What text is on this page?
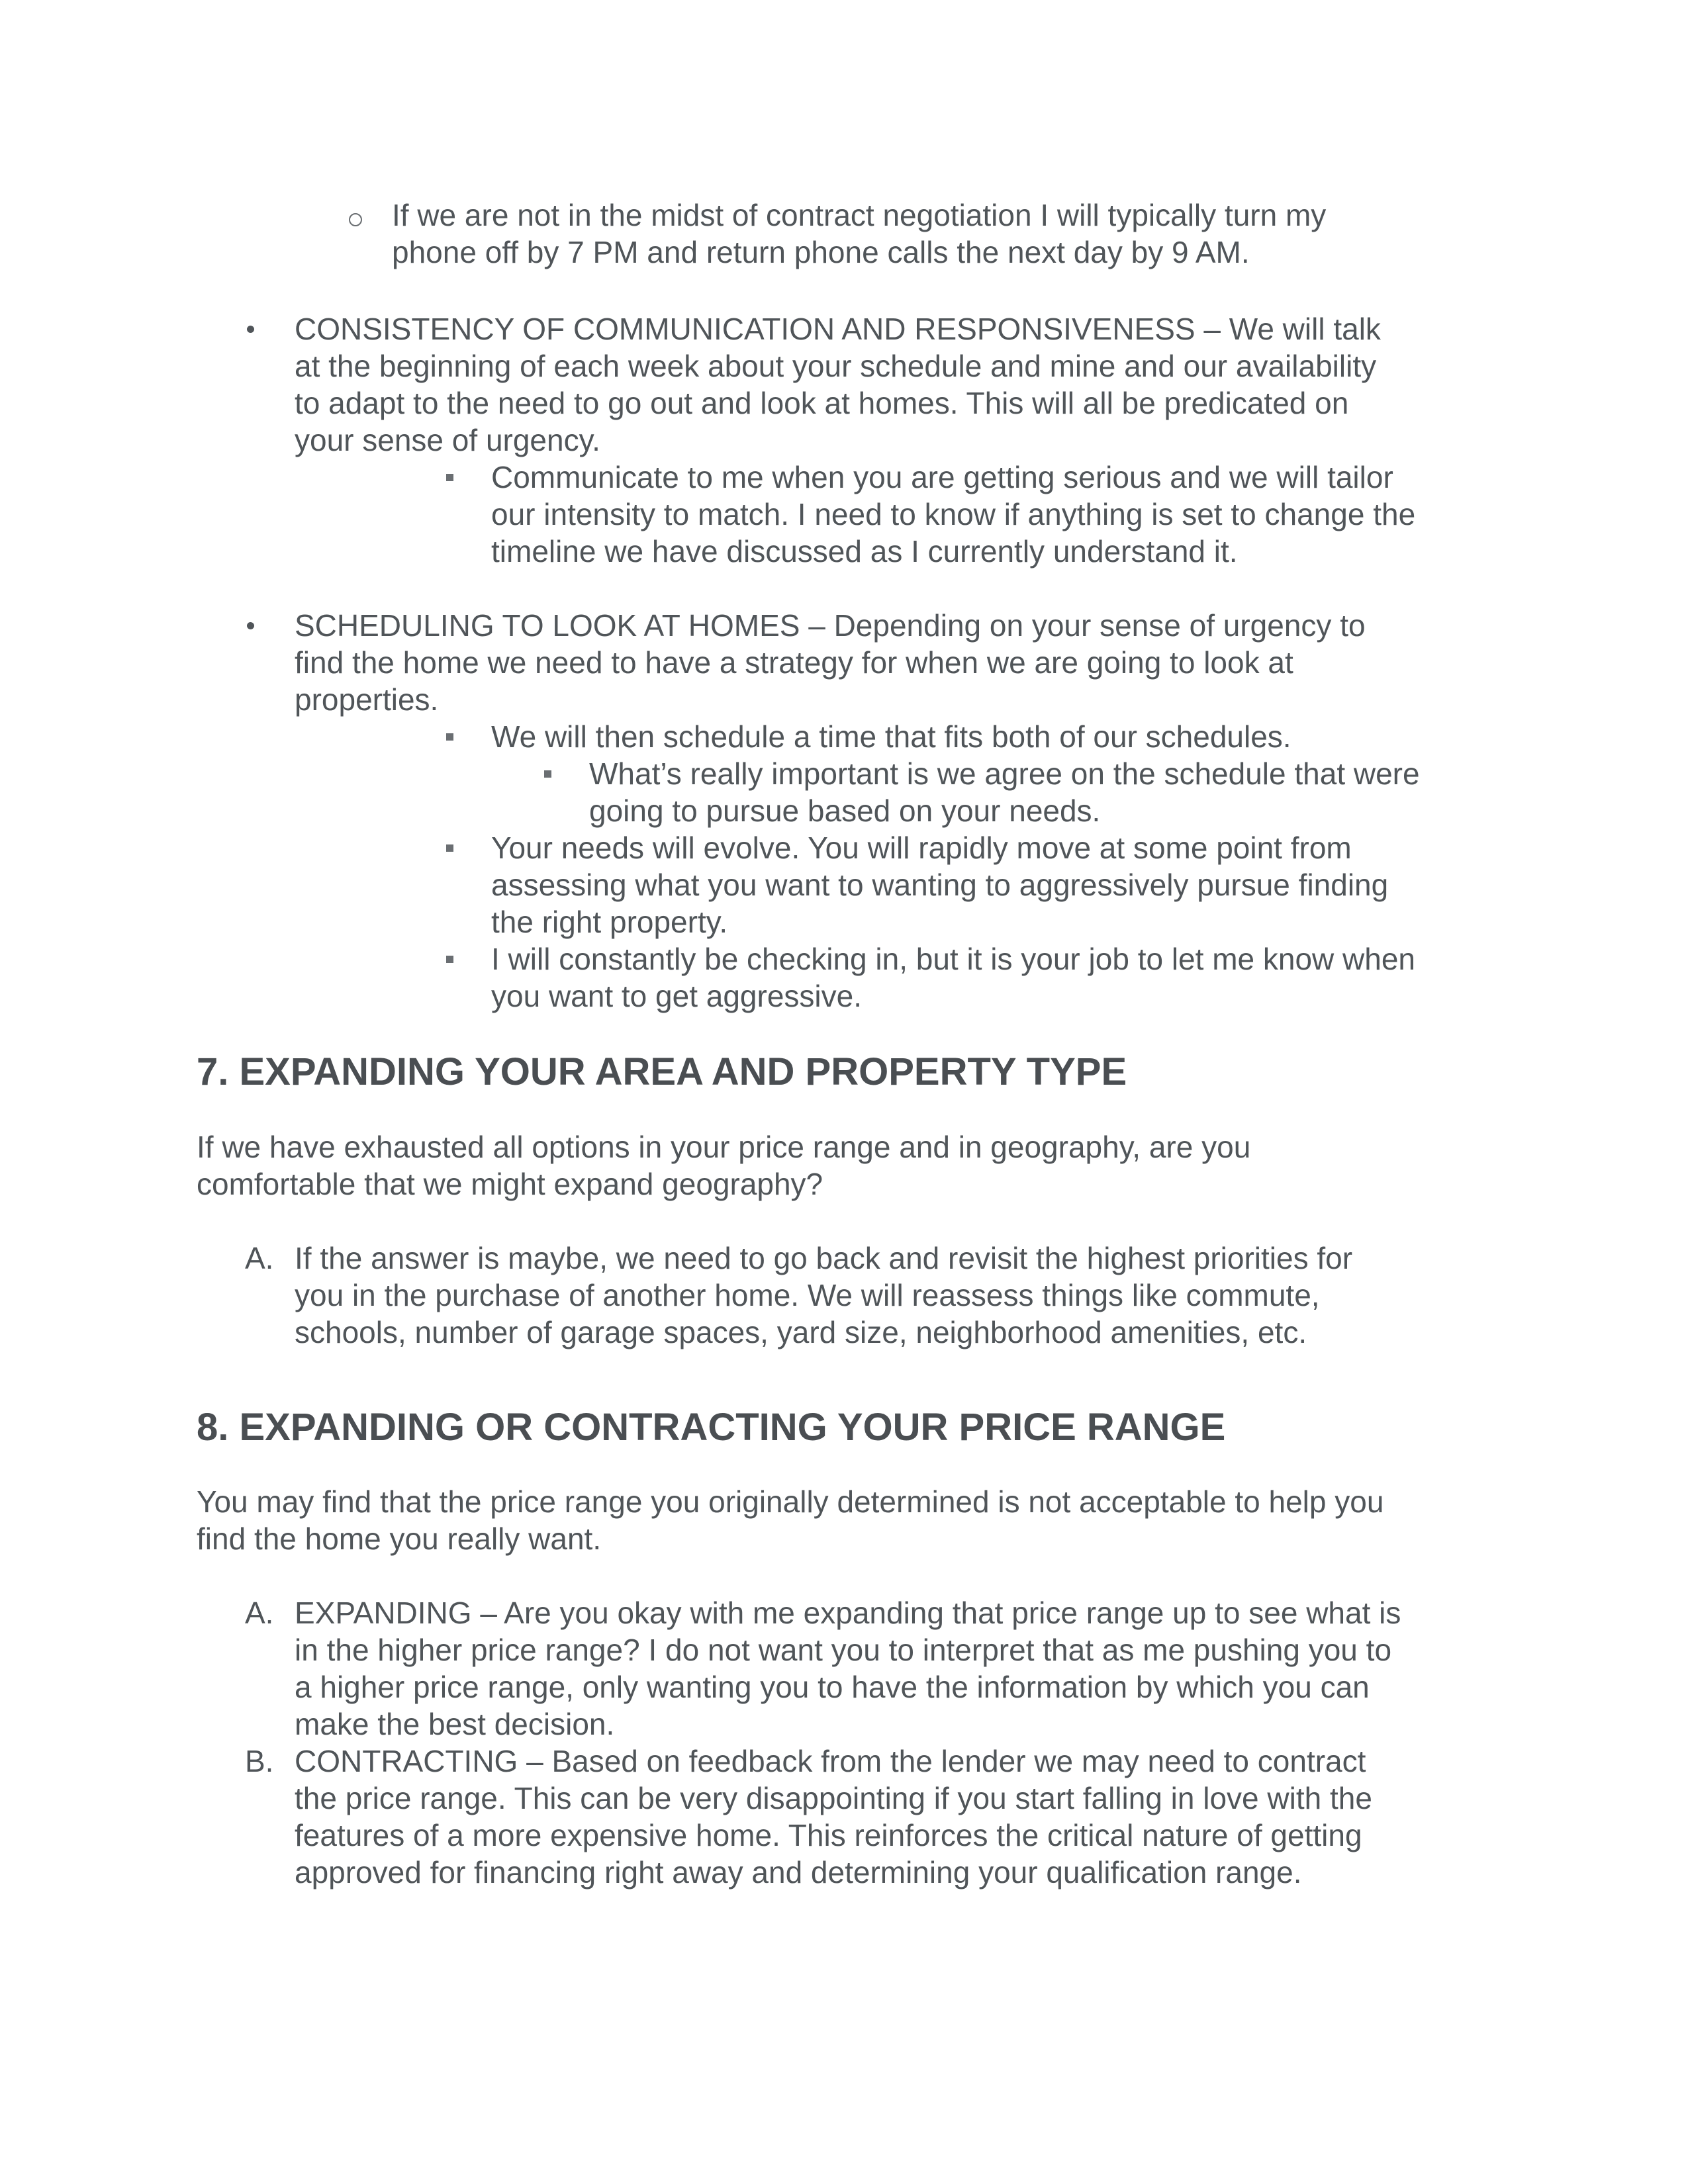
If we are not in the midst of contract negotiation I will typically turn my
phone off by 7 PM and return phone calls the next day by 9 AM.
CONSISTENCY OF COMMUNICATION AND RESPONSIVENESS – We will talk
at the beginning of each week about your schedule and mine and our availability
to adapt to the need to go out and look at homes. This will all be predicated on
your sense of urgency.
Communicate to me when you are getting serious and we will tailor
our intensity to match. I need to know if anything is set to change the
timeline we have discussed as I currently understand it.
SCHEDULING TO LOOK AT HOMES – Depending on your sense of urgency to
find the home we need to have a strategy for when we are going to look at
properties.
We will then schedule a time that fits both of our schedules.
What’s really important is we agree on the schedule that were
going to pursue based on your needs.
Your needs will evolve. You will rapidly move at some point from
assessing what you want to wanting to aggressively pursue finding
the right property.
I will constantly be checking in, but it is your job to let me know when
you want to get aggressive.
7. EXPANDING YOUR AREA AND PROPERTY TYPE
If we have exhausted all options in your price range and in geography, are you
comfortable that we might expand geography?
A. If the answer is maybe, we need to go back and revisit the highest priorities for
you in the purchase of another home. We will reassess things like commute,
schools, number of garage spaces, yard size, neighborhood amenities, etc.
8. EXPANDING OR CONTRACTING YOUR PRICE RANGE
You may find that the price range you originally determined is not acceptable to help you
find the home you really want.
A. EXPANDING – Are you okay with me expanding that price range up to see what is
in the higher price range? I do not want you to interpret that as me pushing you to
a higher price range, only wanting you to have the information by which you can
make the best decision.
B. CONTRACTING – Based on feedback from the lender we may need to contract
the price range. This can be very disappointing if you start falling in love with the
features of a more expensive home. This reinforces the critical nature of getting
approved for financing right away and determining your qualification range.
